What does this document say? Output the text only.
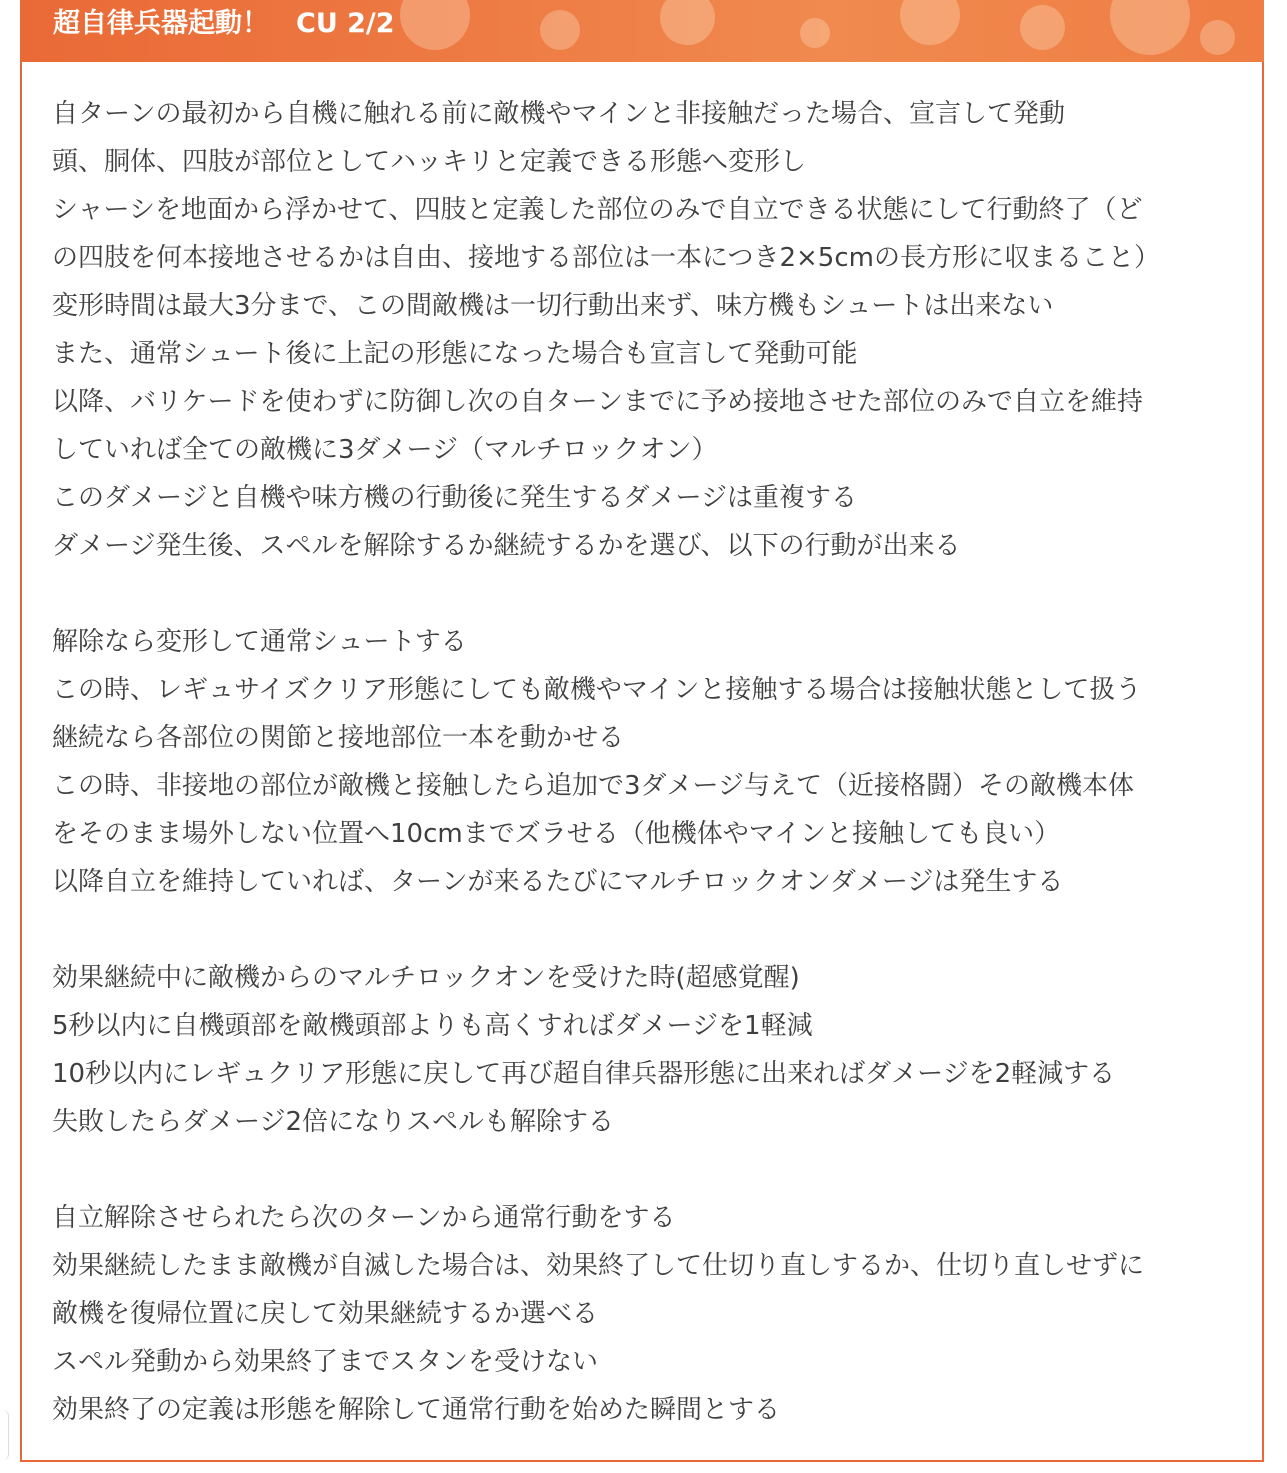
超自律兵器起動！　CU 2/2
自ターンの最初から自機に触れる前に敵機やマインと非接触だった場合、宣言して発動
頭、胴体、四肢が部位としてハッキリと定義できる形態へ変形し
シャーシを地面から浮かせて、四肢と定義した部位のみで自立できる状態にして行動終了（ど
の四肢を何本接地させるかは自由、接地する部位は一本につき2×5cmの長方形に収まること）
変形時間は最大3分まで、この間敵機は一切行動出来ず、味方機もシュートは出来ない
また、通常シュート後に上記の形態になった場合も宣言して発動可能
以降、バリケードを使わずに防御し次の自ターンまでに予め接地させた部位のみで自立を維持
していれば全ての敵機に3ダメージ（マルチロックオン）
このダメージと自機や味方機の行動後に発生するダメージは重複する
ダメージ発生後、スペルを解除するか継続するかを選び、以下の行動が出来る
解除なら変形して通常シュートする
この時、レギュサイズクリア形態にしても敵機やマインと接触する場合は接触状態として扱う
継続なら各部位の関節と接地部位一本を動かせる
この時、非接地の部位が敵機と接触したら追加で3ダメージ与えて（近接格闘）その敵機本体
をそのまま場外しない位置へ10cmまでズラせる（他機体やマインと接触しても良い）
以降自立を維持していれば、ターンが来るたびにマルチロックオンダメージは発生する
効果継続中に敵機からのマルチロックオンを受けた時(超感覚醒)
5秒以内に自機頭部を敵機頭部よりも高くすればダメージを1軽減
10秒以内にレギュクリア形態に戻して再び超自律兵器形態に出来ればダメージを2軽減する
失敗したらダメージ2倍になりスペルも解除する
自立解除させられたら次のターンから通常行動をする
効果継続したまま敵機が自滅した場合は、効果終了して仕切り直しするか、仕切り直しせずに
敵機を復帰位置に戻して効果継続するか選べる
スペル発動から効果終了までスタンを受けない
効果終了の定義は形態を解除して通常行動を始めた瞬間とする
